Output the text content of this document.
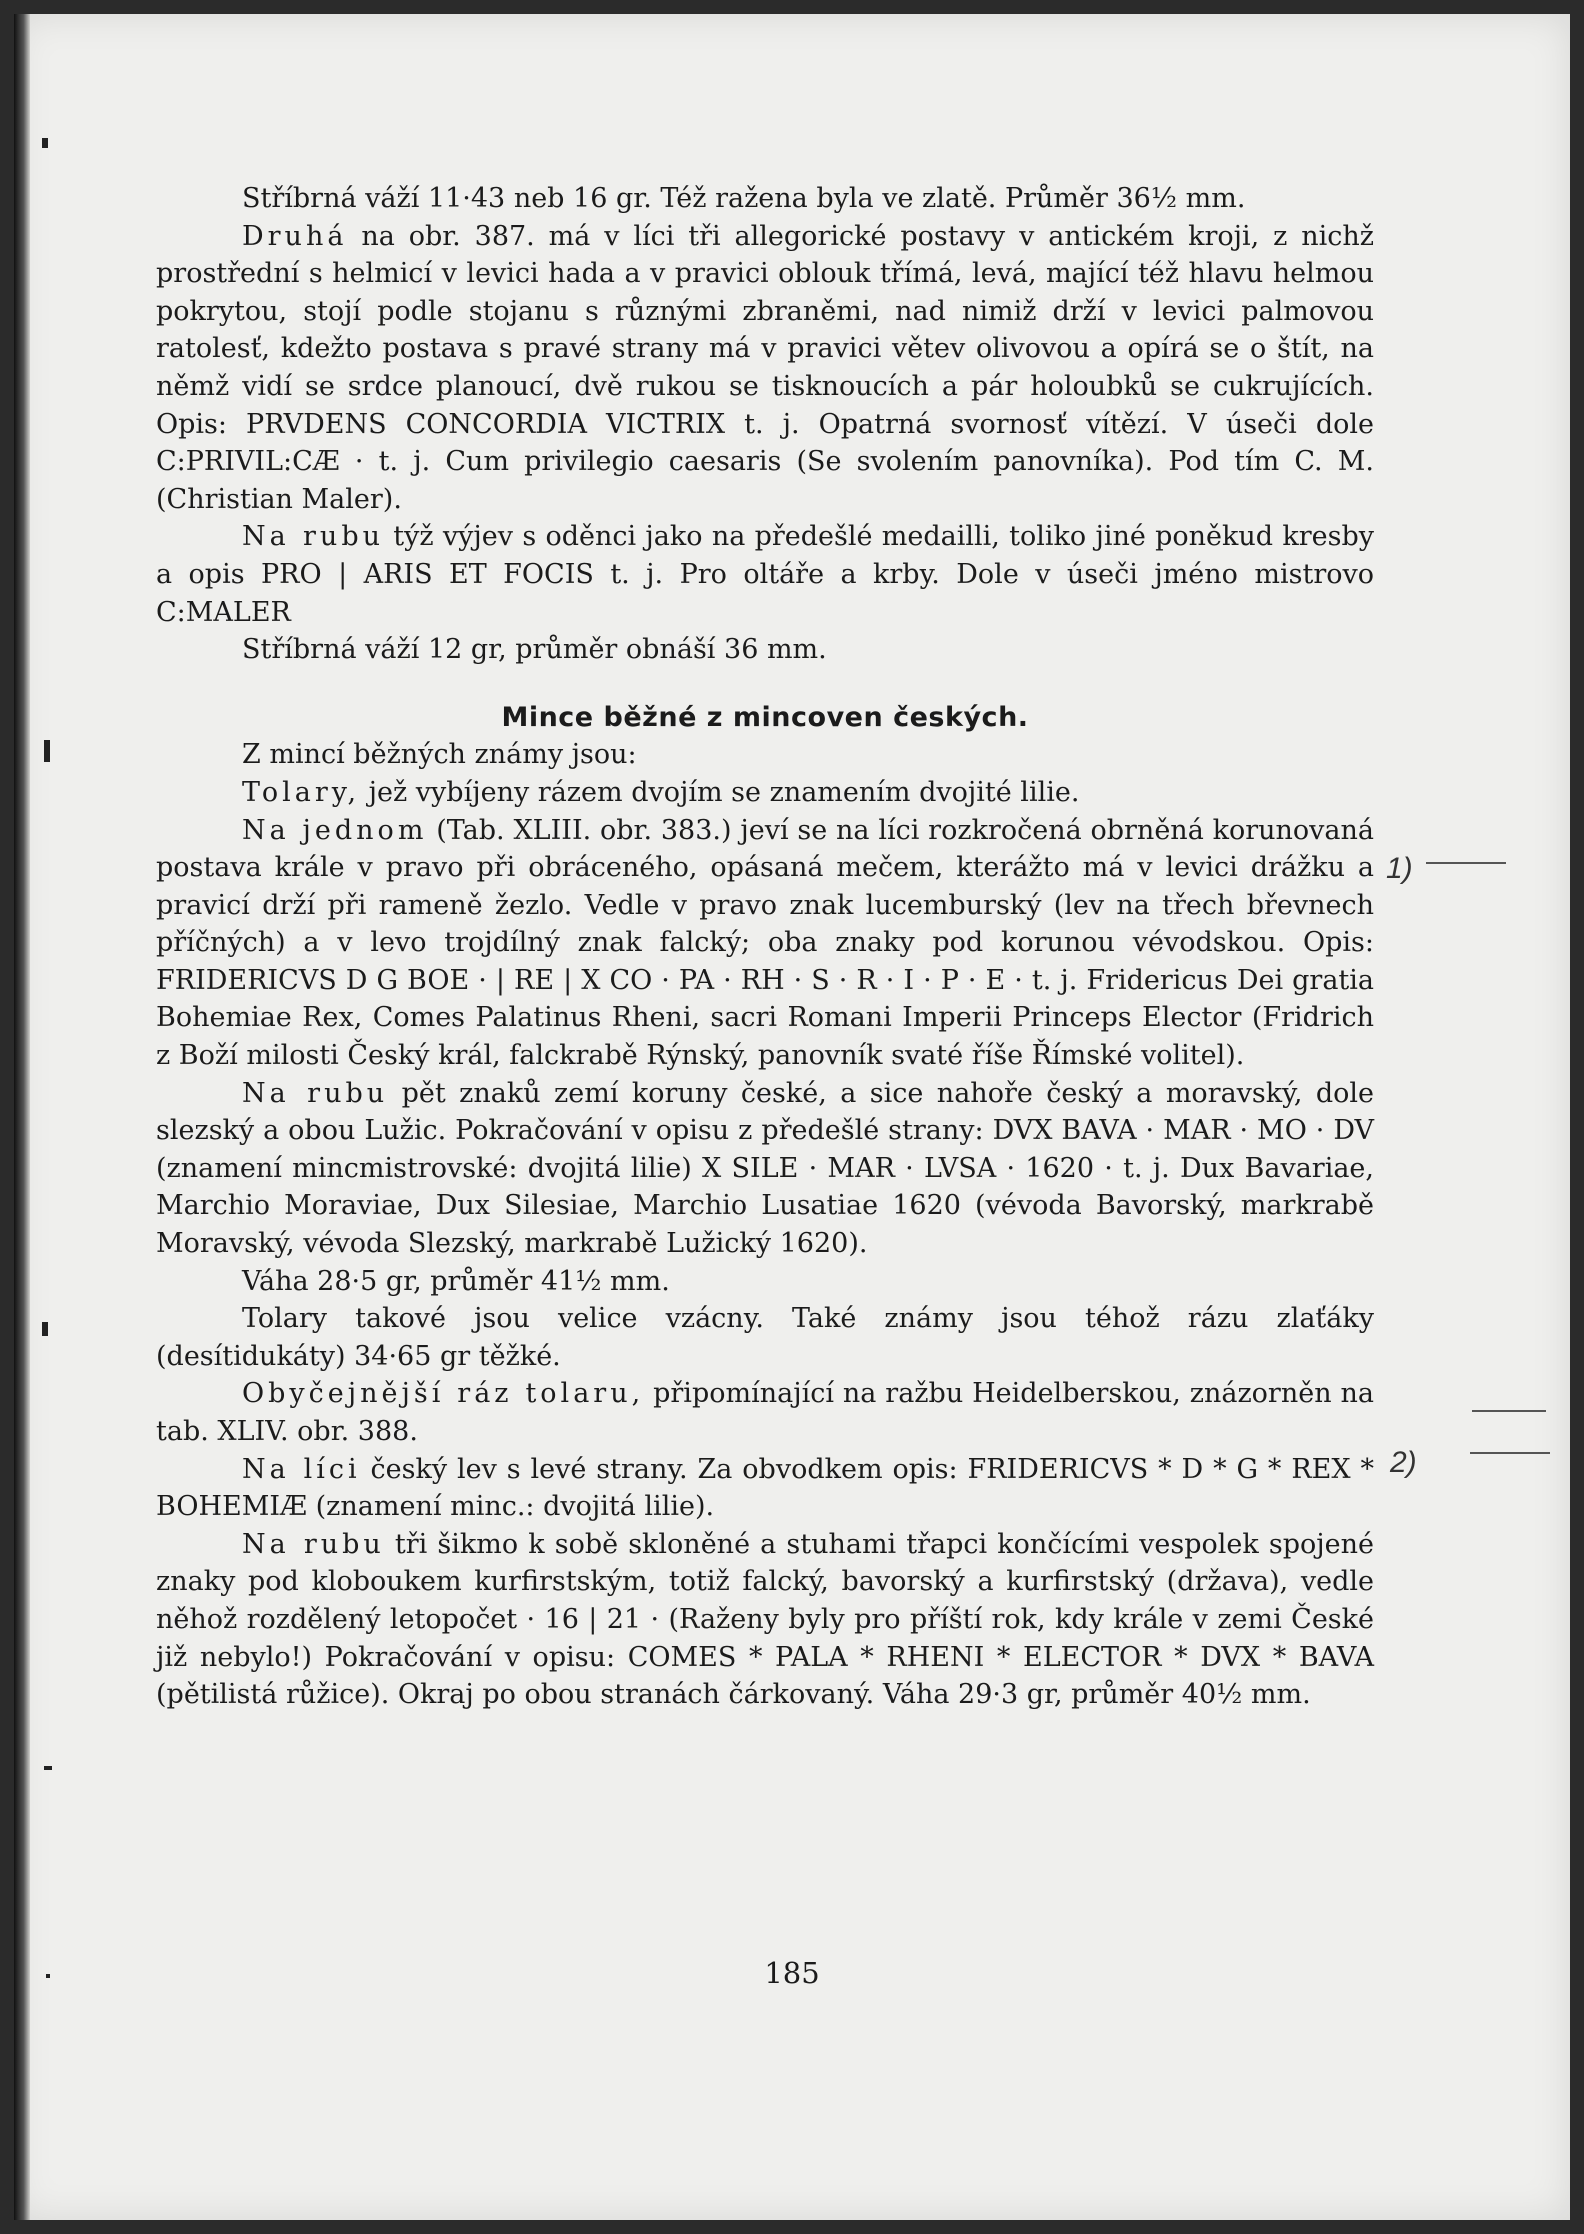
Stříbrná váží 11·43 neb 16 gr. Též ražena byla ve zlatě. Průměr 36½ mm.

Druhá na obr. 387. má v líci tři allegorické postavy v antickém kroji, z nichž prostřední s helmicí v levici hada a v pravici oblouk třímá, levá, mající též hlavu helmou pokrytou, stojí podle stojanu s různými zbraněmi, nad nimiž drží v levici palmovou ratolesť, kdežto postava s pravé strany má v pravici větev olivovou a opírá se o štít, na němž vidí se srdce planoucí, dvě rukou se tisknoucích a pár holoubků se cukrujících. Opis: PRVDENS CONCORDIA VICTRIX t. j. Opatrná svornosť vítězí. V úseči dole C:PRIVIL:CÆ · t. j. Cum privilegio caesaris (Se svolením panovníka). Pod tím C. M. (Christian Maler).

Na rubu týž výjev s oděnci jako na předešlé medailli, toliko jiné poněkud kresby a opis PRO | ARIS ET FOCIS t. j. Pro oltáře a krby. Dole v úseči jméno mistrovo C:MALER

Stříbrná váží 12 gr, průměr obnáší 36 mm.

Mince běžné z mincoven českých.

Z mincí běžných známy jsou:

Tolary, jež vybíjeny rázem dvojím se znamením dvojité lilie.

Na jednom (Tab. XLIII. obr. 383.) jeví se na líci rozkročená obrněná korunovaná postava krále v pravo při obráceného, opásaná mečem, kterážto má v levici drážku a pravicí drží při rameně žezlo. Vedle v pravo znak lucemburský (lev na třech břevnech příčných) a v levo trojdílný znak falcký; oba znaky pod korunou vévodskou. Opis: FRIDERICVS D G BOE · | RE | X CO · PA · RH · S · R · I · P · E · t. j. Fridericus Dei gratia Bohemiae Rex, Comes Palatinus Rheni, sacri Romani Imperii Princeps Elector (Fridrich z Boží milosti Český král, falckrabě Rýnský, panovník svaté říše Římské volitel).

Na rubu pět znaků zemí koruny české, a sice nahoře český a moravský, dole slezský a obou Lužic. Pokračování v opisu z předešlé strany: DVX BAVA · MAR · MO · DV (znamení mincmistrovské: dvojitá lilie) X SILE · MAR · LVSA · 1620 · t. j. Dux Bavariae, Marchio Moraviae, Dux Silesiae, Marchio Lusatiae 1620 (vévoda Bavorský, markrabě Moravský, vévoda Slezský, markrabě Lužický 1620).

Váha 28·5 gr, průměr 41½ mm.

Tolary takové jsou velice vzácny. Také známy jsou téhož rázu zlaťáky (desítidukáty) 34·65 gr těžké.

Obyčejnější ráz tolaru, připomínající na ražbu Heidelberskou, znázorněn na tab. XLIV. obr. 388.

Na líci český lev s levé strany. Za obvodkem opis: FRIDERICVS * D * G * REX * BOHEMIÆ (znamení minc.: dvojitá lilie).

Na rubu tři šikmo k sobě skloněné a stuhami třapci končícími vespolek spojené znaky pod kloboukem kurfirstským, totiž falcký, bavorský a kurfirstský (država), vedle něhož rozdělený letopočet · 16 | 21 · (Raženy byly pro příští rok, kdy krále v zemi České již nebylo!) Pokračování v opisu: COMES * PALA * RHENI * ELECTOR * DVX * BAVA (pětilistá růžice). Okraj po obou stranách čárkovaný. Váha 29·3 gr, průměr 40½ mm.

185
1)
2)
